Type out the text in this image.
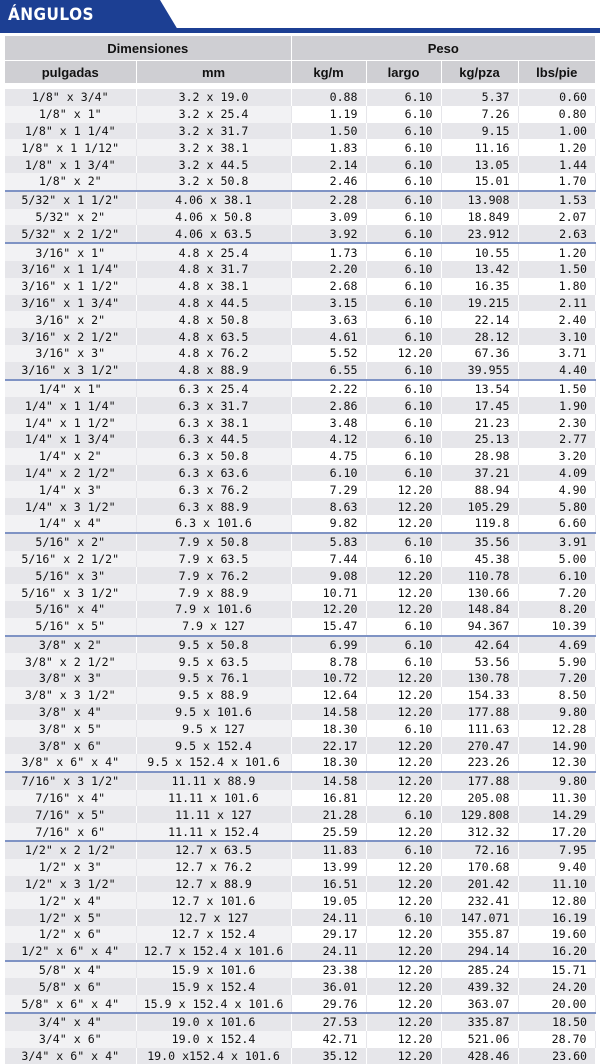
ÁNGULOS
Dimensiones		Peso			
pulgadas	mm	kg/m	largo	kg/pza	lbs/pie

1/8" x 3/4"	3.2 x 19.0	0.88	6.10	5.37	0.60
1/8" x 1"	3.2 x 25.4	1.19	6.10	7.26	0.80
1/8" x 1 1/4"	3.2 x 31.7	1.50	6.10	9.15	1.00
1/8" x 1 1/12"	3.2 x 38.1	1.83	6.10	11.16	1.20
1/8" x 1 3/4"	3.2 x 44.5	2.14	6.10	13.05	1.44
1/8" x 2"	3.2 x 50.8	2.46	6.10	15.01	1.70
5/32" x 1 1/2"	4.06 x 38.1	2.28	6.10	13.908	1.53
5/32" x 2"	4.06 x 50.8	3.09	6.10	18.849	2.07
5/32" x 2 1/2"	4.06 x 63.5	3.92	6.10	23.912	2.63
3/16" x 1"	4.8 x 25.4	1.73	6.10	10.55	1.20
3/16" x 1 1/4"	4.8 x 31.7	2.20	6.10	13.42	1.50
3/16" x 1 1/2"	4.8 x 38.1	2.68	6.10	16.35	1.80
3/16" x 1 3/4"	4.8 x 44.5	3.15	6.10	19.215	2.11
3/16" x 2"	4.8 x 50.8	3.63	6.10	22.14	2.40
3/16" x 2 1/2"	4.8 x 63.5	4.61	6.10	28.12	3.10
3/16" x 3"	4.8 x 76.2	5.52	12.20	67.36	3.71
3/16" x 3 1/2"	4.8 x 88.9	6.55	6.10	39.955	4.40
1/4" x 1"	6.3 x 25.4	2.22	6.10	13.54	1.50
1/4" x 1 1/4"	6.3 x 31.7	2.86	6.10	17.45	1.90
1/4" x 1 1/2"	6.3 x 38.1	3.48	6.10	21.23	2.30
1/4" x 1 3/4"	6.3 x 44.5	4.12	6.10	25.13	2.77
1/4" x 2"	6.3 x 50.8	4.75	6.10	28.98	3.20
1/4" x 2 1/2"	6.3 x 63.6	6.10	6.10	37.21	4.09
1/4" x 3"	6.3 x 76.2	7.29	12.20	88.94	4.90
1/4" x 3 1/2"	6.3 x 88.9	8.63	12.20	105.29	5.80
1/4" x 4"	6.3 x 101.6	9.82	12.20	119.8	6.60
5/16" x 2"	7.9 x 50.8	5.83	6.10	35.56	3.91
5/16" x 2 1/2"	7.9 x 63.5	7.44	6.10	45.38	5.00
5/16" x 3"	7.9 x 76.2	9.08	12.20	110.78	6.10
5/16" x 3 1/2"	7.9 x 88.9	10.71	12.20	130.66	7.20
5/16" x 4"	7.9 x 101.6	12.20	12.20	148.84	8.20
5/16" x 5"	7.9 x 127	15.47	6.10	94.367	10.39
3/8" x 2"	9.5 x 50.8	6.99	6.10	42.64	4.69
3/8" x 2 1/2"	9.5 x 63.5	8.78	6.10	53.56	5.90
3/8" x 3"	9.5 x 76.1	10.72	12.20	130.78	7.20
3/8" x 3 1/2"	9.5 x 88.9	12.64	12.20	154.33	8.50
3/8" x 4"	9.5 x 101.6	14.58	12.20	177.88	9.80
3/8" x 5"	9.5 x 127	18.30	6.10	111.63	12.28
3/8" x 6"	9.5 x 152.4	22.17	12.20	270.47	14.90
3/8" x 6" x 4"	9.5 x 152.4 x 101.6	18.30	12.20	223.26	12.30
7/16" x 3 1/2"	11.11 x 88.9	14.58	12.20	177.88	9.80
7/16" x 4"	11.11 x 101.6	16.81	12.20	205.08	11.30
7/16" x 5"	11.11 x 127	21.28	6.10	129.808	14.29
7/16" x 6"	11.11 x 152.4	25.59	12.20	312.32	17.20
1/2" x 2 1/2"	12.7 x 63.5	11.83	6.10	72.16	7.95
1/2" x 3"	12.7 x 76.2	13.99	12.20	170.68	9.40
1/2" x 3 1/2"	12.7 x 88.9	16.51	12.20	201.42	11.10
1/2" x 4"	12.7 x 101.6	19.05	12.20	232.41	12.80
1/2" x 5"	12.7 x 127	24.11	6.10	147.071	16.19
1/2" x 6"	12.7 x 152.4	29.17	12.20	355.87	19.60
1/2" x 6" x 4"	12.7 x 152.4 x 101.6	24.11	12.20	294.14	16.20
5/8" x 4"	15.9 x 101.6	23.38	12.20	285.24	15.71
5/8" x 6"	15.9 x 152.4	36.01	12.20	439.32	24.20
5/8" x 6" x 4"	15.9 x 152.4 x 101.6	29.76	12.20	363.07	20.00
3/4" x 4"	19.0 x 101.6	27.53	12.20	335.87	18.50
3/4" x 6"	19.0 x 152.4	42.71	12.20	521.06	28.70
3/4" x 6" x 4"	19.0 x152.4 x 101.6	35.12	12.20	428.46	23.60
